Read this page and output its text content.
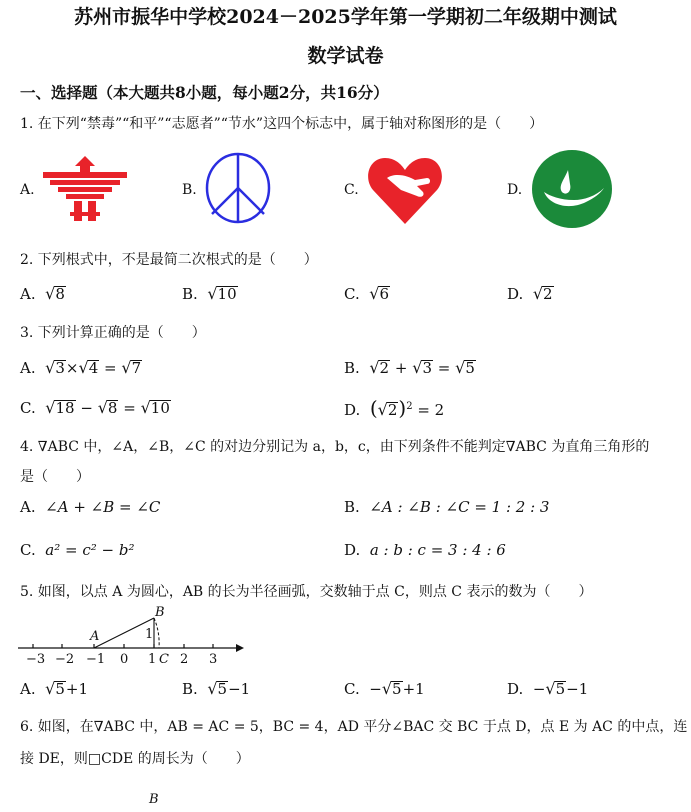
苏州市振华中学校2024－2025学年第一学期初二年级期中测试
数学试卷
一、选择题（本大题共8小题，每小题2分，共16分）
1. 在下列“禁毒”“和平”“志愿者”“节水”这四个标志中，属于轴对称图形的是（　　）
A.	B.	C.	D.
2. 下列根式中，不是最简二次根式的是（　　）
A. √8	B. √10	C. √6	D. √2
3. 下列计算正确的是（　　）
A. √3×√4 = √7	B. √2 + √3 = √5
C. √18 − √8 = √10	D. $(√2)^2 = 2$
4. ∇ABC 中，∠A，∠B，∠C 的对边分别记为 a，b，c，由下列条件不能判定∇ABC 为直角三角形的
是（　　）
A. ∠A + ∠B = ∠C	B. ∠A : ∠B : ∠C = 1 : 2 : 3
C. a² = c² − b²	D. a : b : c = 3 : 4 : 6
5. 如图，以点 A 为圆心，AB 的长为半径画弧，交数轴于点 C，则点 C 表示的数为（　　）
−3 −2 −1 0 1 2 3
A
B
C
1
A. √5+1	B. √5−1	C. −√5+1	D. −√5−1
6. 如图，在∇ABC 中，AB = AC = 5，BC = 4，AD 平分∠BAC 交 BC 于点 D，点 E 为 AC 的中点，连
接 DE，则□CDE 的周长为（　　）
B
